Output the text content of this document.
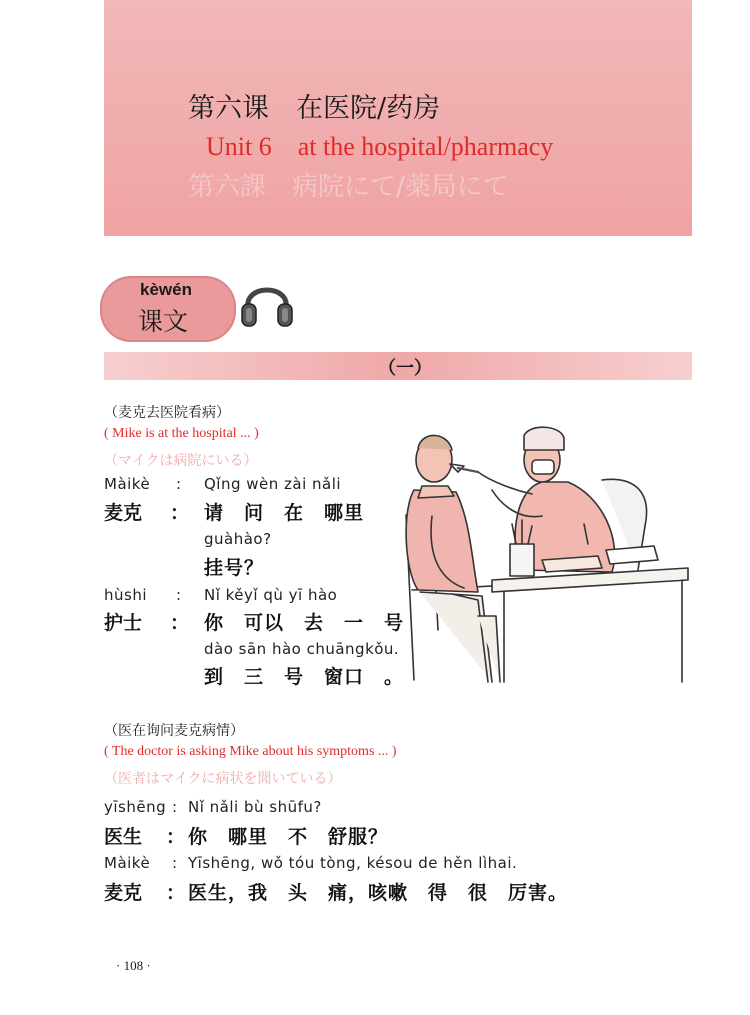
第六课　在医院/药房
Unit 6　at the hospital/pharmacy
第六課　病院にて/薬局にて
kèwén
课文
（一）
（麦克去医院看病）
( Mike is at the hospital ... )
（マイクは病院にいる）
Màikè : Qǐng wèn zài nǎli
麦克 ： 请　问　在　哪里
guàhào?
挂号？
hùshi : Nǐ kěyǐ qù yī hào
护士 ： 你　可以　去　一　号
dào sān hào chuāngkǒu.
到　三　号　窗口　。
（医在询问麦克病情）
( The doctor is asking Mike about his symptoms ... )
（医者はマイクに病状を聞いている）
yīshēng : Nǐ nǎli bù shūfu?
医生 ： 你　哪里　不　舒服？
Màikè : Yīshēng, wǒ tóu tòng, késou de hěn lìhai.
麦克 ： 医生，我　头　痛，咳嗽　得　很　厉害。
· 108 ·
